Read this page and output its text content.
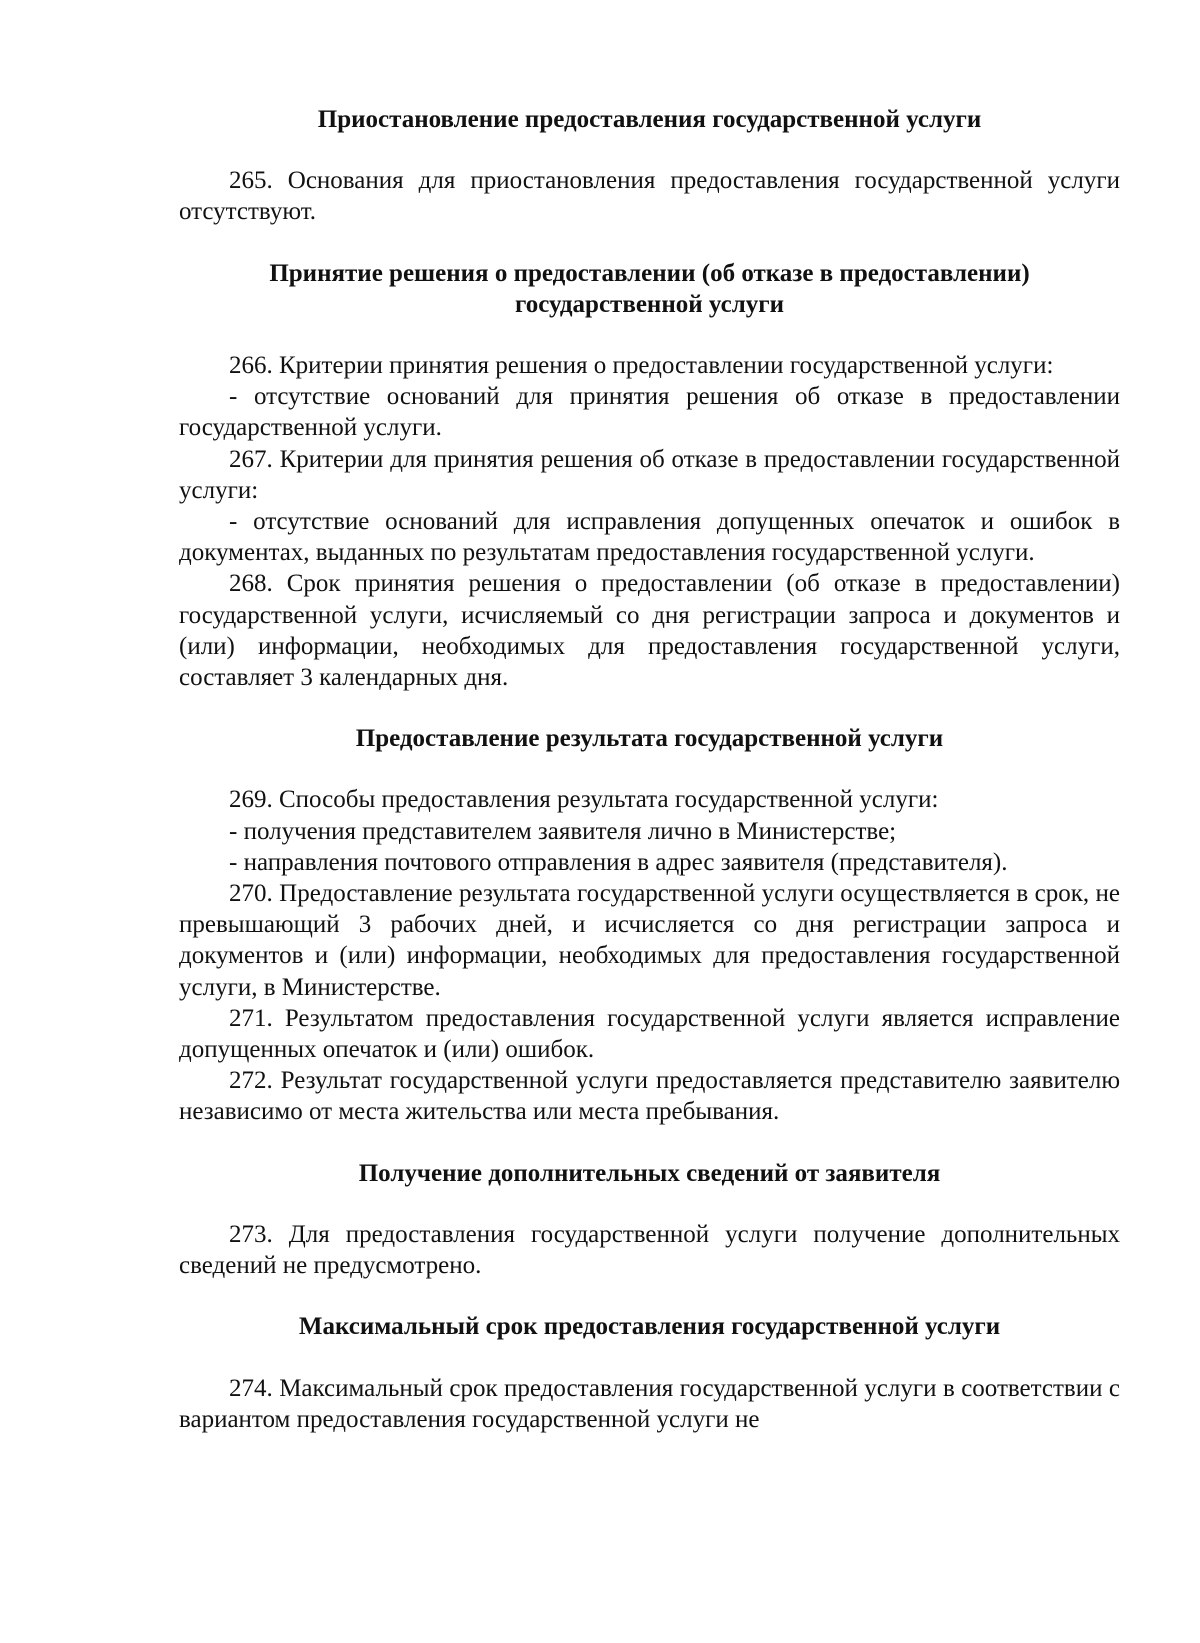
Приостановление предоставления государственной услуги

265. Основания для приостановления предоставления государственной услуги отсутствуют.

Принятие решения о предоставлении (об отказе в предоставлении)
государственной услуги

266. Критерии принятия решения о предоставлении государственной услуги:

- отсутствие оснований для принятия решения об отказе в предоставлении государственной услуги.

267. Критерии для принятия решения об отказе в предоставлении государственной услуги:

- отсутствие оснований для исправления допущенных опечаток и ошибок в документах, выданных по результатам предоставления государственной услуги.

268. Срок принятия решения о предоставлении (об отказе в предоставлении) государственной услуги, исчисляемый со дня регистрации запроса и документов и (или) информации, необходимых для предоставления государственной услуги, составляет 3 календарных дня.

Предоставление результата государственной услуги

269. Способы предоставления результата государственной услуги:

- получения представителем заявителя лично в Министерстве;

- направления почтового отправления в адрес заявителя (представителя).

270. Предоставление результата государственной услуги осуществляется в срок, не превышающий 3 рабочих дней, и исчисляется со дня регистрации запроса и документов и (или) информации, необходимых для предоставления государственной услуги, в Министерстве.

271. Результатом предоставления государственной услуги является исправление допущенных опечаток и (или) ошибок.

272. Результат государственной услуги предоставляется представителю заявителю независимо от места жительства или места пребывания.

Получение дополнительных сведений от заявителя

273. Для предоставления государственной услуги получение дополнительных сведений не предусмотрено.

Максимальный срок предоставления государственной услуги

274. Максимальный срок предоставления государственной услуги в соответствии с вариантом предоставления государственной услуги не
